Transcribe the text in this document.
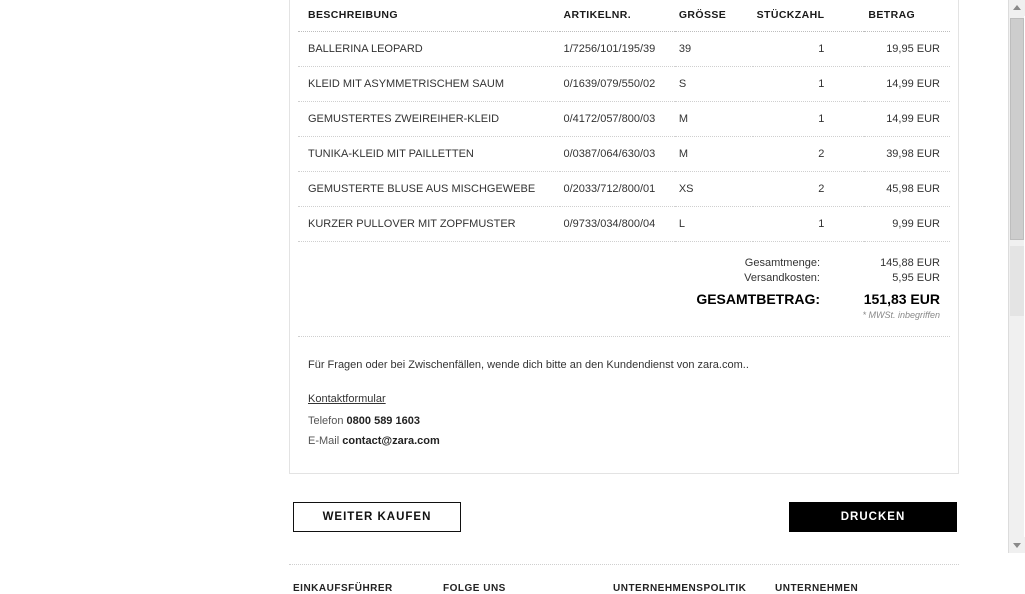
BESCHREIBUNG	ARTIKELNR.	GRÖSSE	STÜCKZAHL	BETRAG
BALLERINA LEOPARD	1/7256/101/195/39	39	1	19,95 EUR
KLEID MIT ASYMMETRISCHEM SAUM	0/1639/079/550/02	S	1	14,99 EUR
GEMUSTERTES ZWEIREIHER-KLEID	0/4172/057/800/03	M	1	14,99 EUR
TUNIKA-KLEID MIT PAILLETTEN	0/0387/064/630/03	M	2	39,98 EUR
GEMUSTERTE BLUSE AUS MISCHGEWEBE	0/2033/712/800/01	XS	2	45,98 EUR
KURZER PULLOVER MIT ZOPFMUSTER	0/9733/034/800/04	L	1	9,99 EUR
Gesamtmenge:	145,88 EUR
Versandkosten:	5,95 EUR
GESAMTBETRAG:	151,83 EUR
* MWSt. inbegriffen
Für Fragen oder bei Zwischenfällen, wende dich bitte an den Kundendienst von zara.com..
Kontaktformular
Telefon 0800 589 1603
E-Mail contact@zara.com
WEITER KAUFEN	DRUCKEN
EINKAUFSFÜHRER	FOLGE UNS	UNTERNEHMENSPOLITIK	UNTERNEHMEN
